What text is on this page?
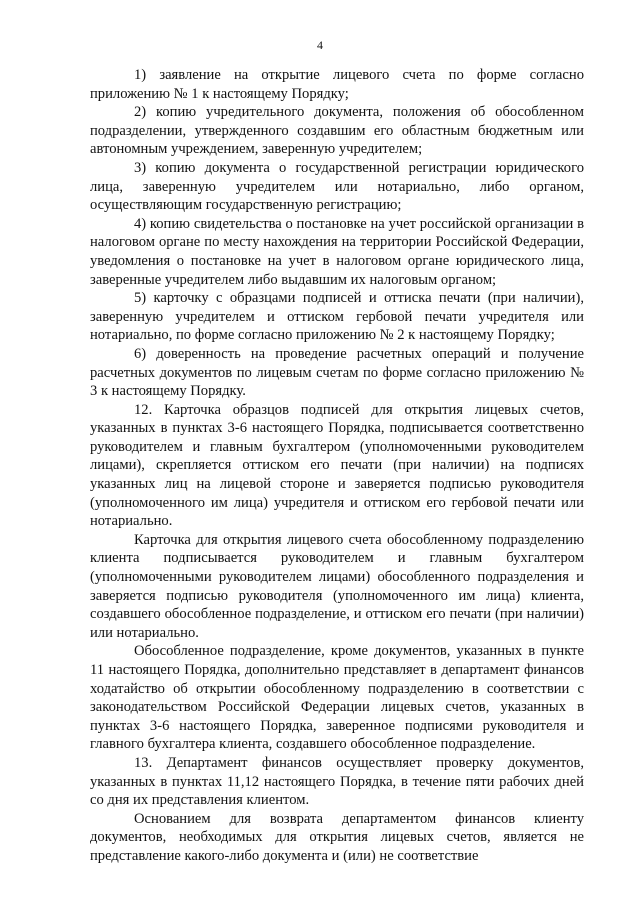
4

1) заявление на открытие лицевого счета по форме согласно приложению № 1 к настоящему Порядку;

2) копию учредительного документа, положения об обособленном подразделении, утвержденного создавшим его областным бюджетным или автономным учреждением, заверенную учредителем;

3) копию документа о государственной регистрации юридического лица, заверенную учредителем или нотариально, либо органом, осуществляющим государственную регистрацию;

4) копию свидетельства о постановке на учет российской организации в налоговом органе по месту нахождения на территории Российской Федерации, уведомления о постановке на учет в налоговом органе юридического лица, заверенные учредителем либо выдавшим их налоговым органом;

5) карточку с образцами подписей и оттиска печати (при наличии), заверенную учредителем и оттиском гербовой печати учредителя или нотариально, по форме согласно приложению № 2 к настоящему Порядку;

6) доверенность на проведение расчетных операций и получение расчетных документов по лицевым счетам по форме согласно приложению № 3 к настоящему Порядку.

12. Карточка образцов подписей для открытия лицевых счетов, указанных в пунктах 3-6 настоящего Порядка, подписывается соответственно руководителем и главным бухгалтером (уполномоченными руководителем лицами), скрепляется оттиском его печати (при наличии) на подписях указанных лиц на лицевой стороне и заверяется подписью руководителя (уполномоченного им лица) учредителя и оттиском его гербовой печати или нотариально.

Карточка для открытия лицевого счета обособленному подразделению клиента подписывается руководителем и главным бухгалтером (уполномоченными руководителем лицами) обособленного подразделения и заверяется подписью руководителя (уполномоченного им лица) клиента, создавшего обособленное подразделение, и оттиском его печати (при наличии) или нотариально.

Обособленное подразделение, кроме документов, указанных в пункте 11 настоящего Порядка, дополнительно представляет в департамент финансов ходатайство об открытии обособленному подразделению в соответствии с законодательством Российской Федерации лицевых счетов, указанных в пунктах 3-6 настоящего Порядка, заверенное подписями руководителя и главного бухгалтера клиента, создавшего обособленное подразделение.

13. Департамент финансов осуществляет проверку документов, указанных в пунктах 11,12 настоящего Порядка, в течение пяти рабочих дней со дня их представления клиентом.

Основанием для возврата департаментом финансов клиенту документов, необходимых для открытия лицевых счетов, является не представление какого-либо документа и (или) не соответствие
